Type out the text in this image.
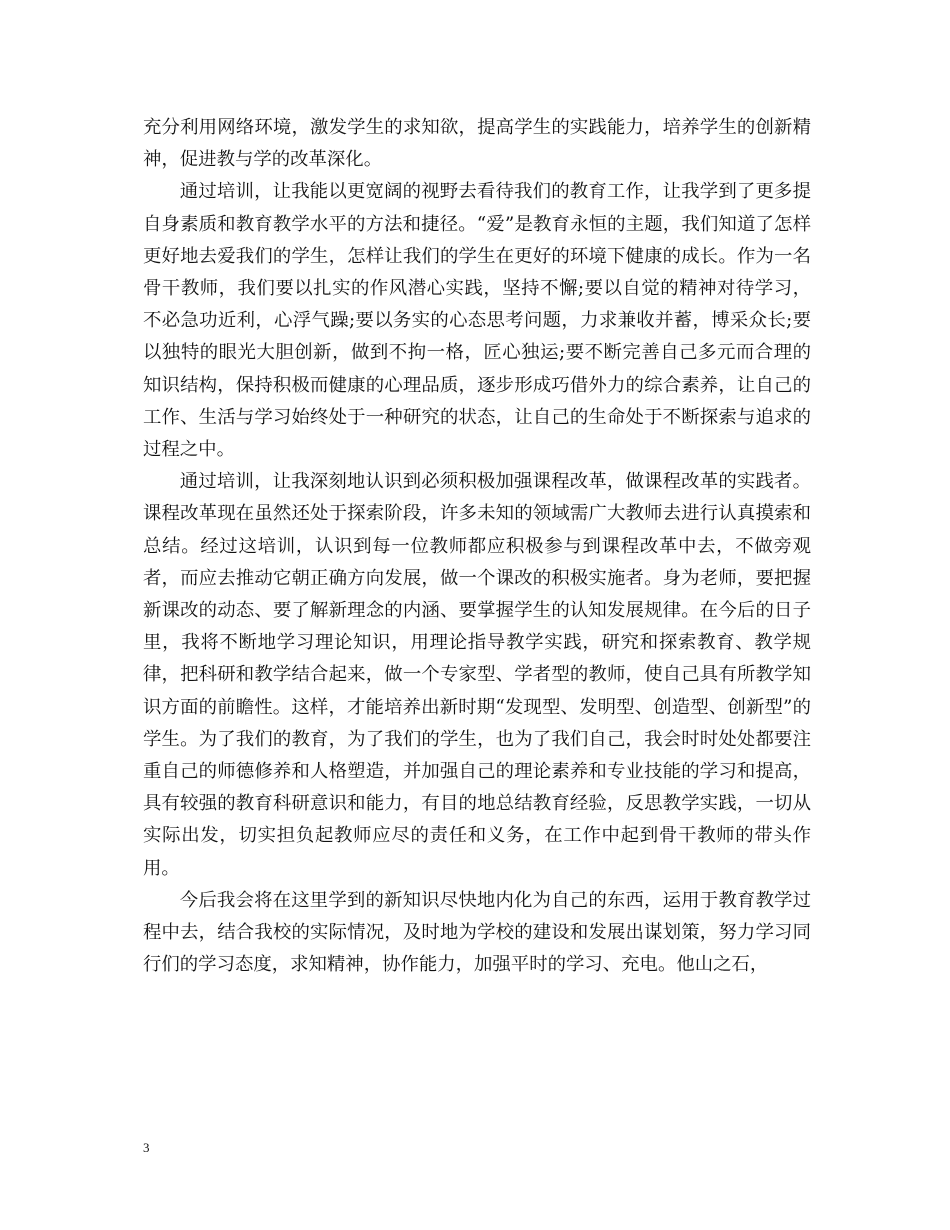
充分利用网络环境，激发学生的求知欲，提高学生的实践能力，培养学生的创新精神，促进教与学的改革深化。

通过培训，让我能以更宽阔的视野去看待我们的教育工作，让我学到了更多提自身素质和教育教学水平的方法和捷径。“爱”是教育永恒的主题，我们知道了怎样更好地去爱我们的学生，怎样让我们的学生在更好的环境下健康的成长。作为一名骨干教师，我们要以扎实的作风潜心实践，坚持不懈;要以自觉的精神对待学习，不必急功近利，心浮气躁;要以务实的心态思考问题，力求兼收并蓄，博采众长;要以独特的眼光大胆创新，做到不拘一格，匠心独运;要不断完善自己多元而合理的知识结构，保持积极而健康的心理品质，逐步形成巧借外力的综合素养，让自己的工作、生活与学习始终处于一种研究的状态，让自己的生命处于不断探索与追求的过程之中。

通过培训，让我深刻地认识到必须积极加强课程改革，做课程改革的实践者。课程改革现在虽然还处于探索阶段，许多未知的领域需广大教师去进行认真摸索和总结。经过这培训，认识到每一位教师都应积极参与到课程改革中去，不做旁观者，而应去推动它朝正确方向发展，做一个课改的积极实施者。身为老师，要把握新课改的动态、要了解新理念的内涵、要掌握学生的认知发展规律。在今后的日子里，我将不断地学习理论知识，用理论指导教学实践，研究和探索教育、教学规律，把科研和教学结合起来，做一个专家型、学者型的教师，使自己具有所教学知识方面的前瞻性。这样，才能培养出新时期“发现型、发明型、创造型、创新型”的学生。为了我们的教育，为了我们的学生，也为了我们自己，我会时时处处都要注重自己的师德修养和人格塑造，并加强自己的理论素养和专业技能的学习和提高，具有较强的教育科研意识和能力，有目的地总结教育经验，反思教学实践，一切从实际出发，切实担负起教师应尽的责任和义务，在工作中起到骨干教师的带头作用。

今后我会将在这里学到的新知识尽快地内化为自己的东西，运用于教育教学过程中去，结合我校的实际情况，及时地为学校的建设和发展出谋划策，努力学习同行们的学习态度，求知精神，协作能力，加强平时的学习、充电。他山之石，

3
